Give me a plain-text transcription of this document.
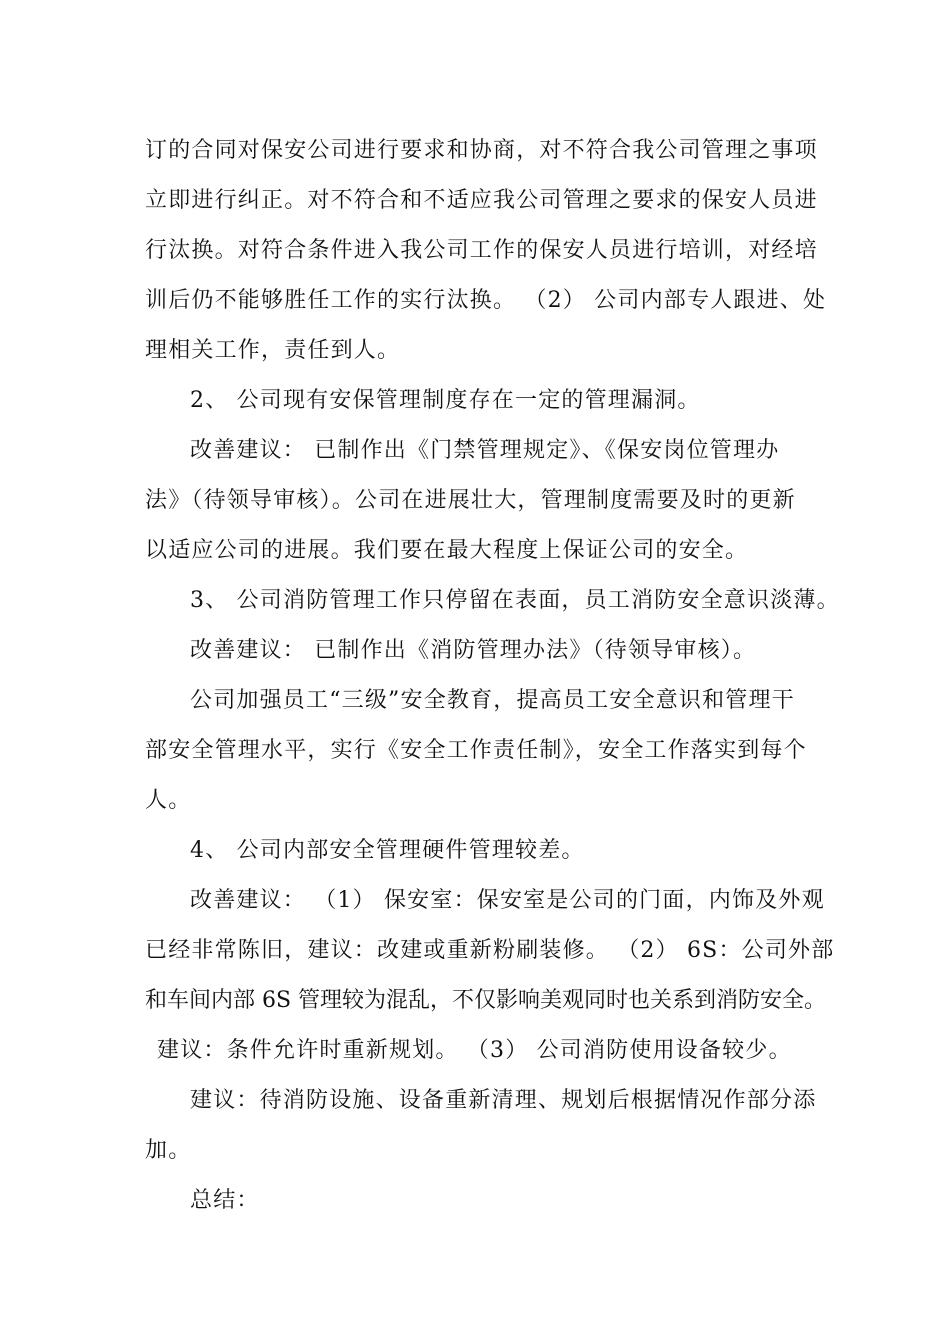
订的合同对保安公司进行要求和协商，对不符合我公司管理之事项
立即进行纠正。对不符合和不适应我公司管理之要求的保安人员进
行汰换。对符合条件进入我公司工作的保安人员进行培训，对经培
训后仍不能够胜任工作的实行汰换。 （2） 公司内部专人跟进、处
理相关工作，责任到人。
2、 公司现有安保管理制度存在一定的管理漏洞。
改善建议： 已制作出《门禁管理规定》、《保安岗位管理办
法》（待领导审核）。公司在进展壮大，管理制度需要及时的更新
以适应公司的进展。我们要在最大程度上保证公司的安全。
3、 公司消防管理工作只停留在表面，员工消防安全意识淡薄。
改善建议： 已制作出《消防管理办法》（待领导审核）。
公司加强员工“三级”安全教育，提高员工安全意识和管理干
部安全管理水平，实行《安全工作责任制》，安全工作落实到每个
人。
4、 公司内部安全管理硬件管理较差。
改善建议： （1） 保安室：保安室是公司的门面，内饰及外观
已经非常陈旧，建议：改建或重新粉刷装修。 （2） 6S：公司外部
和车间内部 6S 管理较为混乱，不仅影响美观同时也关系到消防安全。
建议：条件允许时重新规划。 （3） 公司消防使用设备较少。
建议：待消防设施、设备重新清理、规划后根据情况作部分添
加。
总结：
